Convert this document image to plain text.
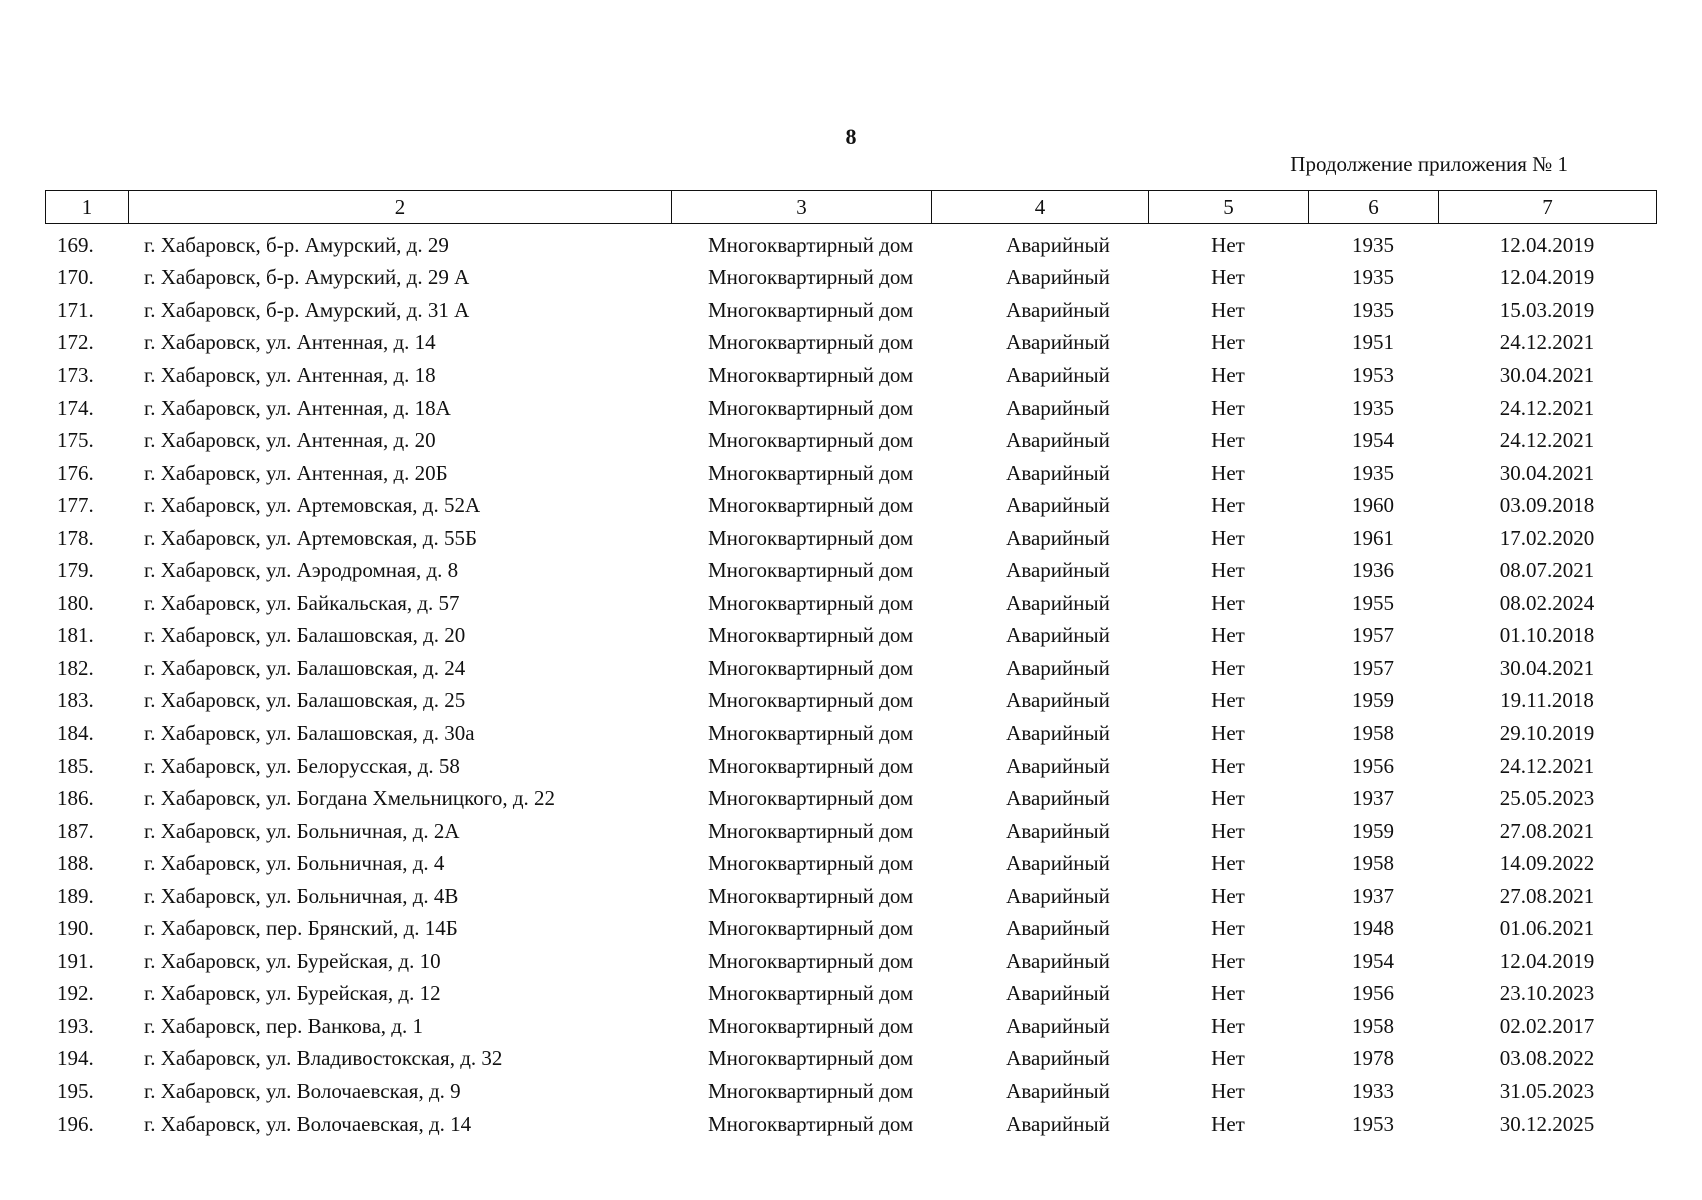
8
Продолжение приложения № 1
1	2	3	4	5	6	7
169.	г. Хабаровск, б-р. Амурский, д. 29	Многоквартирный дом	Аварийный	Нет	1935	12.04.2019
170.	г. Хабаровск, б-р. Амурский, д. 29 А	Многоквартирный дом	Аварийный	Нет	1935	12.04.2019
171.	г. Хабаровск, б-р. Амурский, д. 31 А	Многоквартирный дом	Аварийный	Нет	1935	15.03.2019
172.	г. Хабаровск, ул. Антенная, д. 14	Многоквартирный дом	Аварийный	Нет	1951	24.12.2021
173.	г. Хабаровск, ул. Антенная, д. 18	Многоквартирный дом	Аварийный	Нет	1953	30.04.2021
174.	г. Хабаровск, ул. Антенная, д. 18А	Многоквартирный дом	Аварийный	Нет	1935	24.12.2021
175.	г. Хабаровск, ул. Антенная, д. 20	Многоквартирный дом	Аварийный	Нет	1954	24.12.2021
176.	г. Хабаровск, ул. Антенная, д. 20Б	Многоквартирный дом	Аварийный	Нет	1935	30.04.2021
177.	г. Хабаровск, ул. Артемовская, д. 52А	Многоквартирный дом	Аварийный	Нет	1960	03.09.2018
178.	г. Хабаровск, ул. Артемовская, д. 55Б	Многоквартирный дом	Аварийный	Нет	1961	17.02.2020
179.	г. Хабаровск, ул. Аэродромная, д. 8	Многоквартирный дом	Аварийный	Нет	1936	08.07.2021
180.	г. Хабаровск, ул. Байкальская, д. 57	Многоквартирный дом	Аварийный	Нет	1955	08.02.2024
181.	г. Хабаровск, ул. Балашовская, д. 20	Многоквартирный дом	Аварийный	Нет	1957	01.10.2018
182.	г. Хабаровск, ул. Балашовская, д. 24	Многоквартирный дом	Аварийный	Нет	1957	30.04.2021
183.	г. Хабаровск, ул. Балашовская, д. 25	Многоквартирный дом	Аварийный	Нет	1959	19.11.2018
184.	г. Хабаровск, ул. Балашовская, д. 30а	Многоквартирный дом	Аварийный	Нет	1958	29.10.2019
185.	г. Хабаровск, ул. Белорусская, д. 58	Многоквартирный дом	Аварийный	Нет	1956	24.12.2021
186.	г. Хабаровск, ул. Богдана Хмельницкого, д. 22	Многоквартирный дом	Аварийный	Нет	1937	25.05.2023
187.	г. Хабаровск, ул. Больничная, д. 2А	Многоквартирный дом	Аварийный	Нет	1959	27.08.2021
188.	г. Хабаровск, ул. Больничная, д. 4	Многоквартирный дом	Аварийный	Нет	1958	14.09.2022
189.	г. Хабаровск, ул. Больничная, д. 4В	Многоквартирный дом	Аварийный	Нет	1937	27.08.2021
190.	г. Хабаровск, пер. Брянский, д. 14Б	Многоквартирный дом	Аварийный	Нет	1948	01.06.2021
191.	г. Хабаровск, ул. Бурейская, д. 10	Многоквартирный дом	Аварийный	Нет	1954	12.04.2019
192.	г. Хабаровск, ул. Бурейская, д. 12	Многоквартирный дом	Аварийный	Нет	1956	23.10.2023
193.	г. Хабаровск, пер. Ванкова, д. 1	Многоквартирный дом	Аварийный	Нет	1958	02.02.2017
194.	г. Хабаровск, ул. Владивостокская, д. 32	Многоквартирный дом	Аварийный	Нет	1978	03.08.2022
195.	г. Хабаровск, ул. Волочаевская, д. 9	Многоквартирный дом	Аварийный	Нет	1933	31.05.2023
196.	г. Хабаровск, ул. Волочаевская, д. 14	Многоквартирный дом	Аварийный	Нет	1953	30.12.2025
